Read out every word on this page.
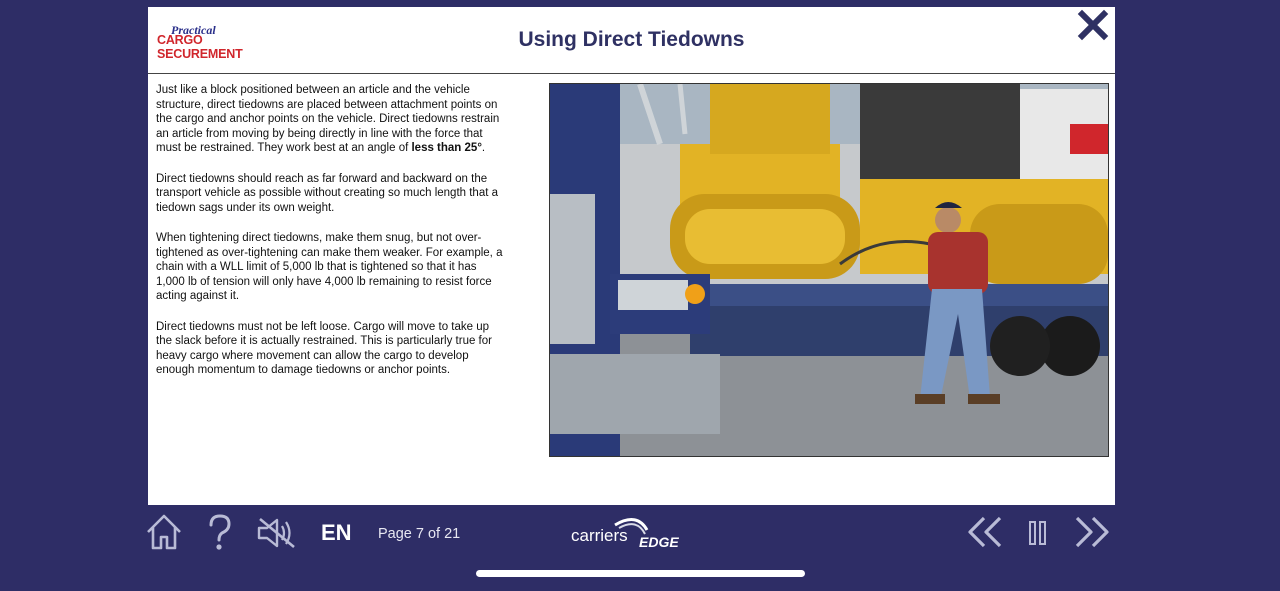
Practical
CARGO SECUREMENT
Using Direct Tiedowns

Just like a block positioned between an article and the vehicle structure, direct tiedowns are placed between attachment points on the cargo and anchor points on the vehicle. Direct tiedowns restrain an article from moving by being directly in line with the force that must be restrained. They work best at an angle of less than 25°.

Direct tiedowns should reach as far forward and backward on the transport vehicle as possible without creating so much length that a tiedown sags under its own weight.

When tightening direct tiedowns, make them snug, but not over-tightened as over-tightening can make them weaker. For example, a chain with a WLL limit of 5,000 lb that is tightened so that it has 1,000 lb of tension will only have 4,000 lb remaining to resist force acting against it.

Direct tiedowns must not be left loose. Cargo will move to take up the slack before it is actually restrained. This is particularly true for heavy cargo where movement can allow the cargo to develop enough momentum to damage tiedowns or anchor points.

EN Page 7 of 21	carriers EDGE
